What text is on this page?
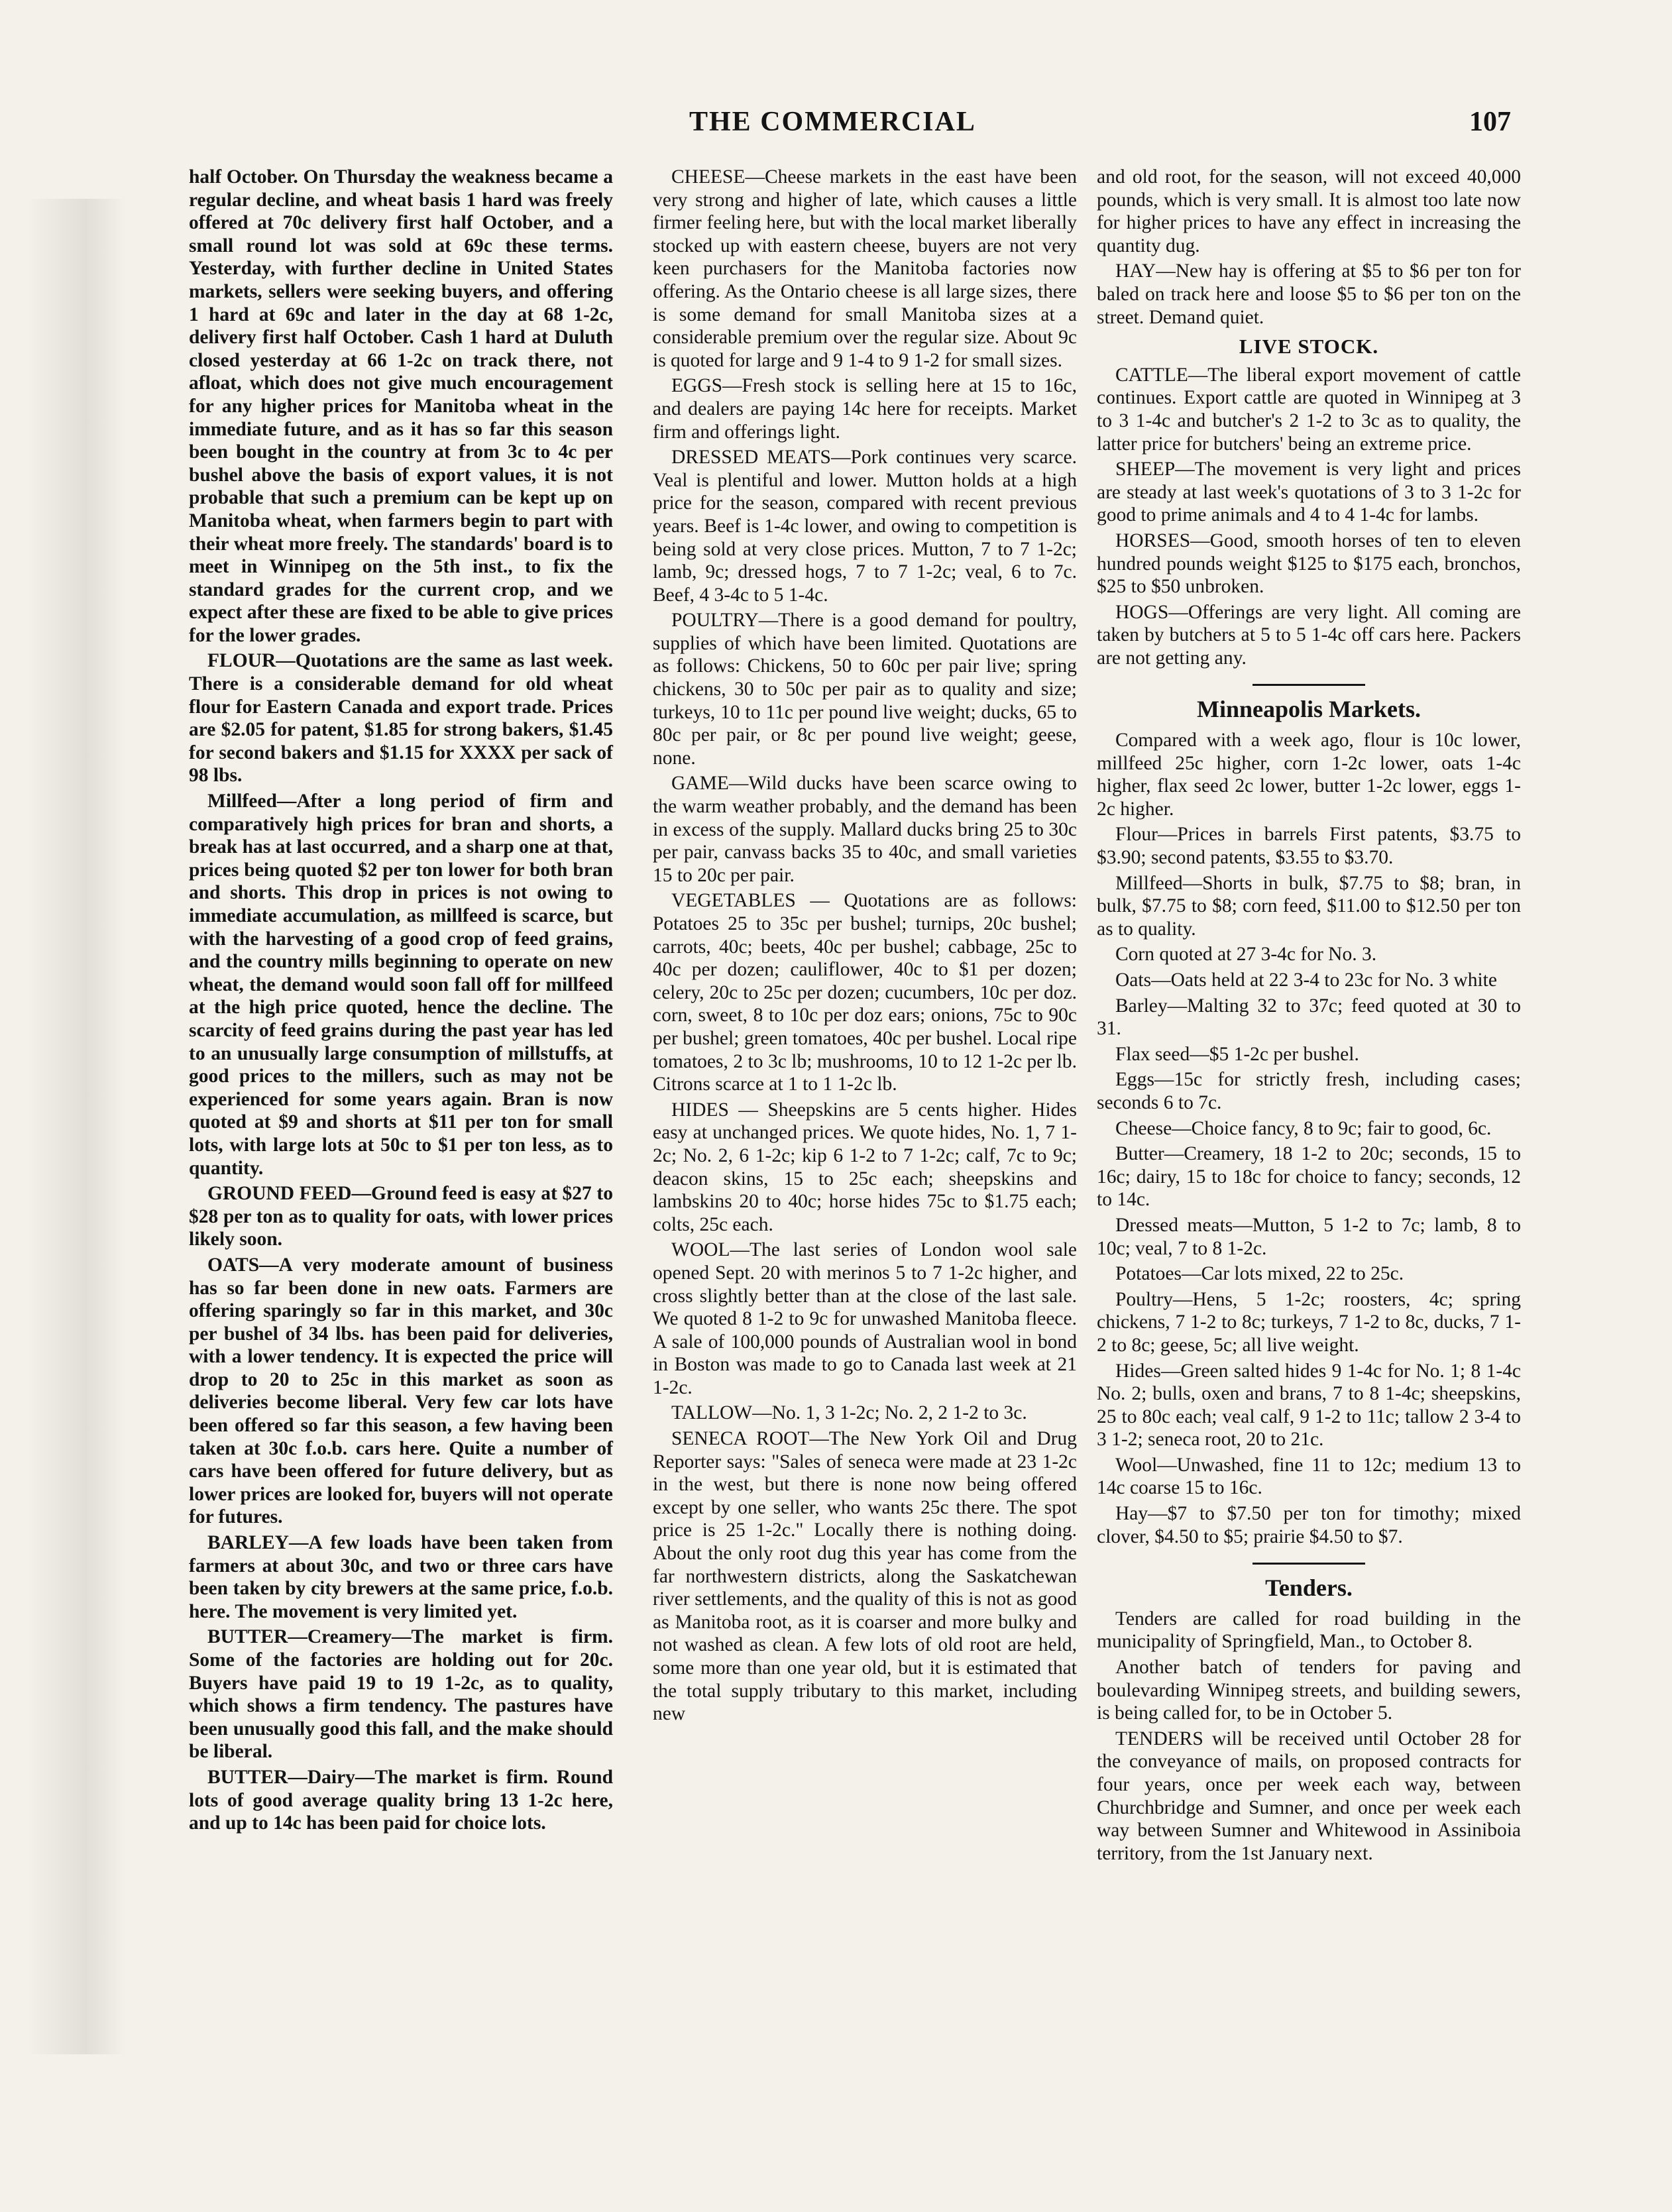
THE COMMERCIAL	107

half October. On Thursday the weakness became a regular decline, and wheat basis 1 hard was freely offered at 70c delivery first half October, and a small round lot was sold at 69c these terms. Yesterday, with further decline in United States markets, sellers were seeking buyers, and offering 1 hard at 69c and later in the day at 68 1-2c, delivery first half October. Cash 1 hard at Duluth closed yesterday at 66 1-2c on track there, not afloat, which does not give much encouragement for any higher prices for Manitoba wheat in the immediate future, and as it has so far this season been bought in the country at from 3c to 4c per bushel above the basis of export values, it is not probable that such a premium can be kept up on Manitoba wheat, when farmers begin to part with their wheat more freely. The standards' board is to meet in Winnipeg on the 5th inst., to fix the standard grades for the current crop, and we expect after these are fixed to be able to give prices for the lower grades.

FLOUR—Quotations are the same as last week. There is a considerable demand for old wheat flour for Eastern Canada and export trade. Prices are $2.05 for patent, $1.85 for strong bakers, $1.45 for second bakers and $1.15 for XXXX per sack of 98 lbs.

Millfeed—After a long period of firm and comparatively high prices for bran and shorts, a break has at last occurred, and a sharp one at that, prices being quoted $2 per ton lower for both bran and shorts. This drop in prices is not owing to immediate accumulation, as millfeed is scarce, but with the harvesting of a good crop of feed grains, and the country mills beginning to operate on new wheat, the demand would soon fall off for millfeed at the high price quoted, hence the decline. The scarcity of feed grains during the past year has led to an unusually large consumption of millstuffs, at good prices to the millers, such as may not be experienced for some years again. Bran is now quoted at $9 and shorts at $11 per ton for small lots, with large lots at 50c to $1 per ton less, as to quantity.

GROUND FEED—Ground feed is easy at $27 to $28 per ton as to quality for oats, with lower prices likely soon.

OATS—A very moderate amount of business has so far been done in new oats. Farmers are offering sparingly so far in this market, and 30c per bushel of 34 lbs. has been paid for deliveries, with a lower tendency. It is expected the price will drop to 20 to 25c in this market as soon as deliveries become liberal. Very few car lots have been offered so far this season, a few having been taken at 30c f.o.b. cars here. Quite a number of cars have been offered for future delivery, but as lower prices are looked for, buyers will not operate for futures.

BARLEY—A few loads have been taken from farmers at about 30c, and two or three cars have been taken by city brewers at the same price, f.o.b. here. The movement is very limited yet.

BUTTER—Creamery—The market is firm. Some of the factories are holding out for 20c. Buyers have paid 19 to 19 1-2c, as to quality, which shows a firm tendency. The pastures have been unusually good this fall, and the make should be liberal.

BUTTER—Dairy—The market is firm. Round lots of good average quality bring 13 1-2c here, and up to 14c has been paid for choice lots.

CHEESE—Cheese markets in the east have been very strong and higher of late, which causes a little firmer feeling here, but with the local market liberally stocked up with eastern cheese, buyers are not very keen purchasers for the Manitoba factories now offering. As the Ontario cheese is all large sizes, there is some demand for small Manitoba sizes at a considerable premium over the regular size. About 9c is quoted for large and 9 1-4 to 9 1-2 for small sizes.

EGGS—Fresh stock is selling here at 15 to 16c, and dealers are paying 14c here for receipts. Market firm and offerings light.

DRESSED MEATS—Pork continues very scarce. Veal is plentiful and lower. Mutton holds at a high price for the season, compared with recent previous years. Beef is 1-4c lower, and owing to competition is being sold at very close prices. Mutton, 7 to 7 1-2c; lamb, 9c; dressed hogs, 7 to 7 1-2c; veal, 6 to 7c. Beef, 4 3-4c to 5 1-4c.

POULTRY—There is a good demand for poultry, supplies of which have been limited. Quotations are as follows: Chickens, 50 to 60c per pair live; spring chickens, 30 to 50c per pair as to quality and size; turkeys, 10 to 11c per pound live weight; ducks, 65 to 80c per pair, or 8c per pound live weight; geese, none.

GAME—Wild ducks have been scarce owing to the warm weather probably, and the demand has been in excess of the supply. Mallard ducks bring 25 to 30c per pair, canvass backs 35 to 40c, and small varieties 15 to 20c per pair.

VEGETABLES — Quotations are as follows: Potatoes 25 to 35c per bushel; turnips, 20c bushel; carrots, 40c; beets, 40c per bushel; cabbage, 25c to 40c per dozen; cauliflower, 40c to $1 per dozen; celery, 20c to 25c per dozen; cucumbers, 10c per doz. corn, sweet, 8 to 10c per doz ears; onions, 75c to 90c per bushel; green tomatoes, 40c per bushel. Local ripe tomatoes, 2 to 3c lb; mushrooms, 10 to 12 1-2c per lb. Citrons scarce at 1 to 1 1-2c lb.

HIDES — Sheepskins are 5 cents higher. Hides easy at unchanged prices. We quote hides, No. 1, 7 1-2c; No. 2, 6 1-2c; kip 6 1-2 to 7 1-2c; calf, 7c to 9c; deacon skins, 15 to 25c each; sheepskins and lambskins 20 to 40c; horse hides 75c to $1.75 each; colts, 25c each.

WOOL—The last series of London wool sale opened Sept. 20 with merinos 5 to 7 1-2c higher, and cross slightly better than at the close of the last sale. We quoted 8 1-2 to 9c for unwashed Manitoba fleece. A sale of 100,000 pounds of Australian wool in bond in Boston was made to go to Canada last week at 21 1-2c.

TALLOW—No. 1, 3 1-2c; No. 2, 2 1-2 to 3c.

SENECA ROOT—The New York Oil and Drug Reporter says: "Sales of seneca were made at 23 1-2c in the west, but there is none now being offered except by one seller, who wants 25c there. The spot price is 25 1-2c." Locally there is nothing doing. About the only root dug this year has come from the far northwestern districts, along the Saskatchewan river settlements, and the quality of this is not as good as Manitoba root, as it is coarser and more bulky and not washed as clean. A few lots of old root are held, some more than one year old, but it is estimated that the total supply tributary to this market, including new

and old root, for the season, will not exceed 40,000 pounds, which is very small. It is almost too late now for higher prices to have any effect in increasing the quantity dug.

HAY—New hay is offering at $5 to $6 per ton for baled on track here and loose $5 to $6 per ton on the street. Demand quiet.

LIVE STOCK.

CATTLE—The liberal export movement of cattle continues. Export cattle are quoted in Winnipeg at 3 to 3 1-4c and butcher's 2 1-2 to 3c as to quality, the latter price for butchers' being an extreme price.

SHEEP—The movement is very light and prices are steady at last week's quotations of 3 to 3 1-2c for good to prime animals and 4 to 4 1-4c for lambs.

HORSES—Good, smooth horses of ten to eleven hundred pounds weight $125 to $175 each, bronchos, $25 to $50 unbroken.

HOGS—Offerings are very light. All coming are taken by butchers at 5 to 5 1-4c off cars here. Packers are not getting any.

Minneapolis Markets.

Compared with a week ago, flour is 10c lower, millfeed 25c higher, corn 1-2c lower, oats 1-4c higher, flax seed 2c lower, butter 1-2c lower, eggs 1-2c higher.

Flour—Prices in barrels First patents, $3.75 to $3.90; second patents, $3.55 to $3.70.

Millfeed—Shorts in bulk, $7.75 to $8; bran, in bulk, $7.75 to $8; corn feed, $11.00 to $12.50 per ton as to quality.

Corn quoted at 27 3-4c for No. 3.

Oats—Oats held at 22 3-4 to 23c for No. 3 white

Barley—Malting 32 to 37c; feed quoted at 30 to 31.

Flax seed—$5 1-2c per bushel.

Eggs—15c for strictly fresh, including cases; seconds 6 to 7c.

Cheese—Choice fancy, 8 to 9c; fair to good, 6c.

Butter—Creamery, 18 1-2 to 20c; seconds, 15 to 16c; dairy, 15 to 18c for choice to fancy; seconds, 12 to 14c.

Dressed meats—Mutton, 5 1-2 to 7c; lamb, 8 to 10c; veal, 7 to 8 1-2c.

Potatoes—Car lots mixed, 22 to 25c.

Poultry—Hens, 5 1-2c; roosters, 4c; spring chickens, 7 1-2 to 8c; turkeys, 7 1-2 to 8c, ducks, 7 1-2 to 8c; geese, 5c; all live weight.

Hides—Green salted hides 9 1-4c for No. 1; 8 1-4c No. 2; bulls, oxen and brans, 7 to 8 1-4c; sheepskins, 25 to 80c each; veal calf, 9 1-2 to 11c; tallow 2 3-4 to 3 1-2; seneca root, 20 to 21c.

Wool—Unwashed, fine 11 to 12c; medium 13 to 14c coarse 15 to 16c.

Hay—$7 to $7.50 per ton for timothy; mixed clover, $4.50 to $5; prairie $4.50 to $7.

Tenders.

Tenders are called for road building in the municipality of Springfield, Man., to October 8.

Another batch of tenders for paving and boulevarding Winnipeg streets, and building sewers, is being called for, to be in October 5.

TENDERS will be received until October 28 for the conveyance of mails, on proposed contracts for four years, once per week each way, between Churchbridge and Sumner, and once per week each way between Sumner and Whitewood in Assiniboia territory, from the 1st January next.
